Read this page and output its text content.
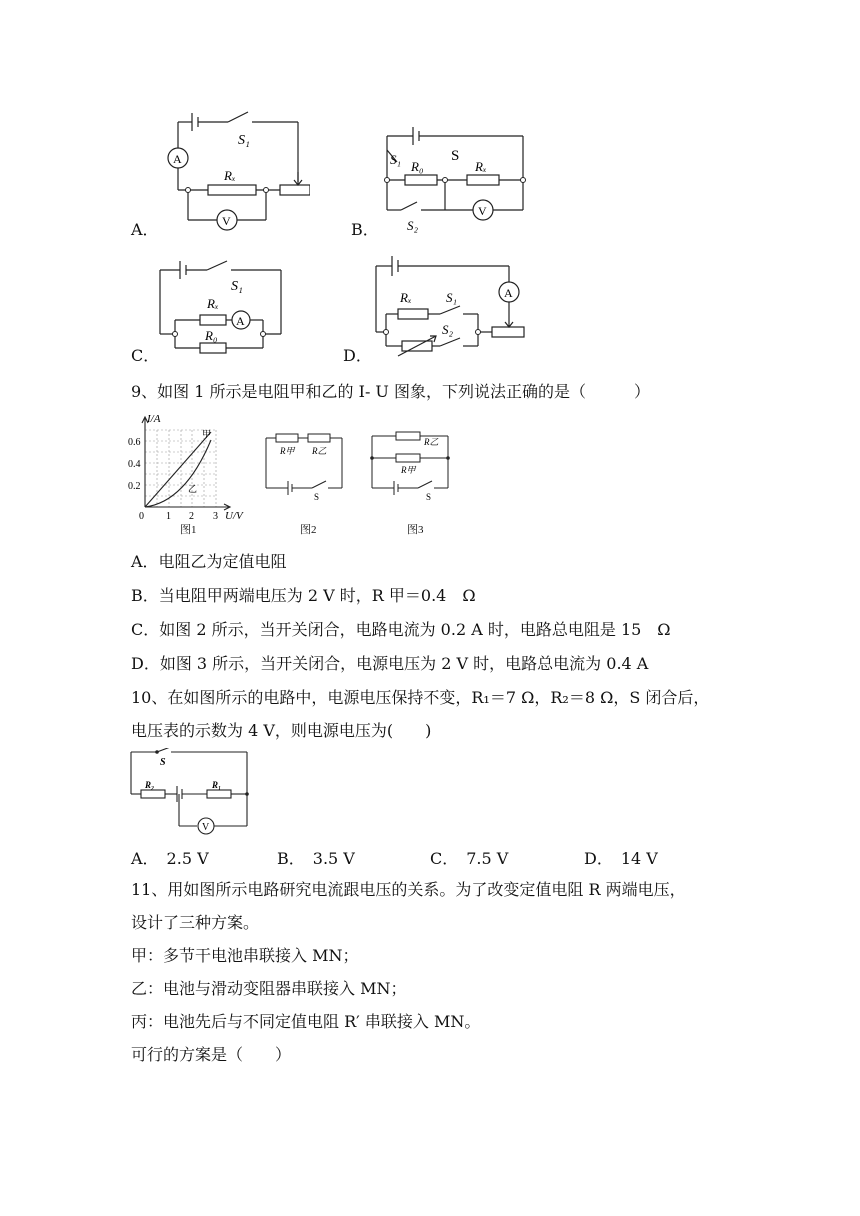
A．	B．
C．	D．
A
V
S₁
Rₓ
S
S₁ R₀	Rₓ
S₂
V
S₁
Rₓ
A
R₀
A
Rₓ	S₁
S₂
9、如图 1 所示是电阻甲和乙的 I- U 图象，下列说法正确的是（　　　）
I/A
U/V
0.6
0.4
0.2
0 1 2 3
甲
乙
图1
R甲 R乙
S
图2
R乙
R甲
S
图3
A．电阻乙为定值电阻
B．当电阻甲两端电压为 2 V 时，R 甲＝0.4　Ω
C．如图 2 所示，当开关闭合，电路电流为 0.2 A 时，电路总电阻是 15　Ω
D．如图 3 所示，当开关闭合，电源电压为 2 V 时，电路总电流为 0.4 A
10、在如图所示的电路中，电源电压保持不变，R₁＝7 Ω，R₂＝8 Ω，S 闭合后，
电压表的示数为 4 V，则电源电压为(　　)
S
R₂	R₁
V
A．　2.5 V	B．　3.5 V	C．　7.5 V	D．　14 V
11、用如图所示电路研究电流跟电压的关系。为了改变定值电阻 R 两端电压，
设计了三种方案。
甲：多节干电池串联接入 MN；
乙：电池与滑动变阻器串联接入 MN；
丙：电池先后与不同定值电阻 R′ 串联接入 MN。
可行的方案是（　　）
